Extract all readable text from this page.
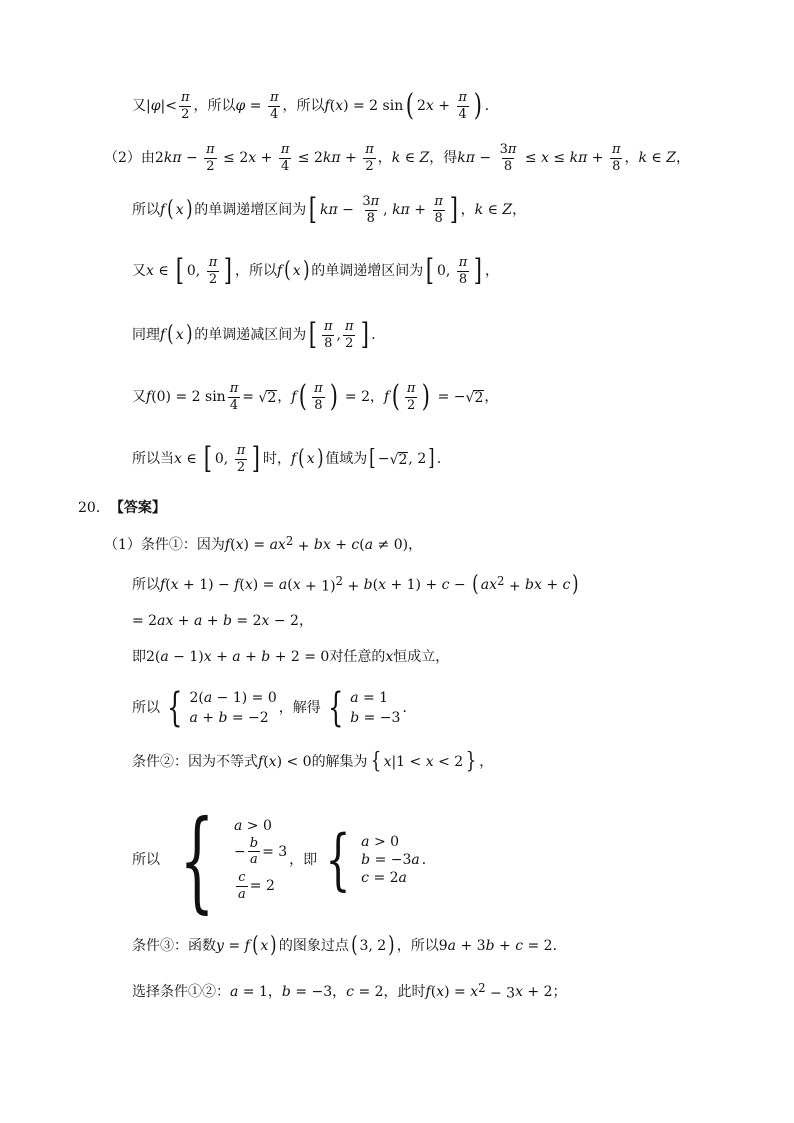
又 | φ |< $\frac{\pi}{2}$ ，所以 $\varphi = \frac{\pi}{4}$ ，所以 f ( x ) = 2 sin ( 2 $x + \frac{\pi}{4}$ ) ．
（2）由 2 $k\pi - \frac{\pi}{2} \le 2$ $x + \frac{\pi}{4} \le 2$ $k\pi + \frac{\pi}{2}$ ， k ∈ Z ，得 $k\pi - \frac{3\pi}{8} \le x \le k\pi + \frac{\pi}{8}$ ， k ∈ Z ，
所以 f ( x ) 的单调递增区间为 [ $k\pi - \frac{3\pi}{8}$ , $k\pi + \frac{\pi}{8}$ ] ， k ∈ Z ，
又 x ∈ [ 0, $\frac{\pi}{2}$ ] ，所以 f ( x ) 的单调递增区间为 [ 0, $\frac{\pi}{8}$ ] ，
同理 f ( x ) 的单调递减区间为 [ $\frac{\pi}{8}$ , $\frac{\pi}{2}$ ] ．
又 f (0) = 2 $\sin \frac{\pi}{4}$ = √ 2 ， f ( $\frac{\pi}{8}$ ) = 2 ， f ( $\frac{\pi}{2}$ ) = − √ 2 ，
所以当 x ∈ [ 0, $\frac{\pi}{2}$ ] 时， f ( x ) 值域为 [ − √ 2 , 2 ] ．
20． 【答案】
（1）条件①：因为 f ( x ) = ax $^2$ + bx + c ( a ≠ 0) ，
所以 f ( x + 1) − f ( x ) = a ( x + 1)$^2$ + b ( x + 1) + c − ( ax $^2$ + bx + c )
= 2 ax + a + b = 2 x − 2 ，
即 2( a − 1) x + a + b + 2 = 0 对任意的 x 恒成立，
所以 { 2(a − 1) = 0
a + b = −2
，解得 { a = 1
b = −3
．
条件②：因为不等式 f ( x ) < 0 的解集为 { x |1 < x < 2 } ，
所以 { a > 0
− $\frac{b}{a} = 3$
$\frac{c}{a} = 2$
，即 { a > 0
b = −3a
c = 2a
．
条件③：函数 y = f ( x ) 的图象过点 ( 3, 2 ) ，所以 9 a + 3 b + c = 2 ．
选择条件①②： a = 1 ， b = −3 ， c = 2 ，此时 f ( x ) = x $^2$ − 3 x + 2 ；
